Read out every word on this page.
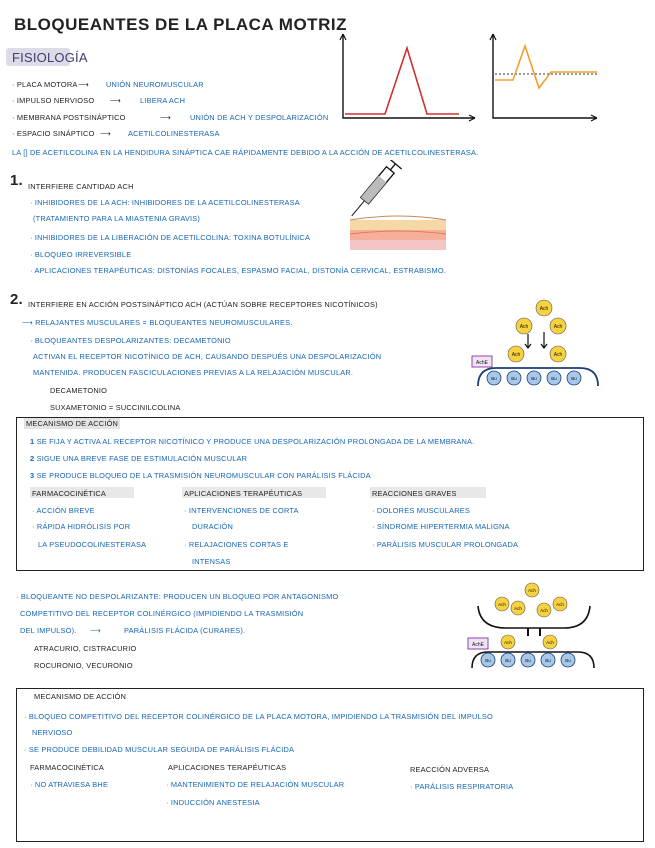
BLOQUEANTES DE LA PLACA MOTRIZ
FISIOLOGÍA
· PLACA MOTORA ⟶ UNIÓN NEUROMUSCULAR
· IMPULSO NERVIOSO ⟶	LIBERA ACH
· MEMBRANA POSTSINÁPTICO	⟶	UNIÓN DE ACH Y DESPOLARIZACIÓN
· ESPACIO SINÁPTICO ⟶ ACETILCOLINESTERASA
LA [] DE ACETILCOLINA EN LA HENDIDURA SINÁPTICA CAE RÁPIDAMENTE DEBIDO A LA ACCIÓN DE ACETILCOLINESTERASA.
1. INTERFIERE CANTIDAD ACH
· INHIBIDORES DE LA ACH: INHIBIDORES DE LA ACETILCOLINESTERASA
(TRATAMIENTO PARA LA MIASTENIA GRAVIS)
· INHIBIDORES DE LA LIBERACIÓN DE ACETILCOLINA: TOXINA BOTULÍNICA
· BLOQUEO IRREVERSIBLE
· APLICACIONES TERAPÉUTICAS: DISTONÍAS FOCALES, ESPASMO FACIAL, DISTONÍA CERVICAL, ESTRABISMO.
2. INTERFIERE EN ACCIÓN POSTSINÁPTICO ACH (ACTÚAN SOBRE RECEPTORES NICOTÍNICOS)
⟶ RELAJANTES MUSCULARES = BLOQUEANTES NEUROMUSCULARES.
· BLOQUEANTES DESPOLARIZANTES: DECAMETONIO
ACTIVAN EL RECEPTOR NICOTÍNICO DE ACH, CAUSANDO DESPUÉS UNA DESPOLARIZACIÓN
MANTENIDA. PRODUCEN FASCICULACIONES PREVIAS A LA RELAJACIÓN MUSCULAR.
DECAMETONIO
SUXAMETONIO = SUCCINILCOLINA
Ach
Ach	Ach
Ach	Ach
Bu	Bu	Bu	Bu	Bu
AchE
MECANISMO DE ACCIÓN
1 SE FIJA Y ACTIVA AL RECEPTOR NICOTÍNICO Y PRODUCE UNA DESPOLARIZACIÓN PROLONGADA DE LA MEMBRANA.
2 SIGUE UNA BREVE FASE DE ESTIMULACIÓN MUSCULAR
3 SE PRODUCE BLOQUEO DE LA TRASMISIÓN NEUROMUSCULAR CON PARÁLISIS FLÁCIDA
FARMACOCINÉTICA
· ACCIÓN BREVE
· RÁPIDA HIDRÓLISIS POR
LA PSEUDOCOLINESTERASA
APLICACIONES TERAPÉUTICAS
· INTERVENCIONES DE CORTA
DURACIÓN
· RELAJACIONES CORTAS E
INTENSAS
REACCIONES GRAVES
· DOLORES MUSCULARES
· SÍNDROME HIPERTERMIA MALIGNA
· PARÁLISIS MUSCULAR PROLONGADA
· BLOQUEANTE NO DESPOLARIZANTE: PRODUCEN UN BLOQUEO POR ANTAGONISMO
COMPETITIVO DEL RECEPTOR COLINÉRGICO (IMPIDIENDO LA TRASMISIÓN
DEL IMPULSO). ⟶	PARÁLISIS FLÁCIDA (CURARES).
ATRACURIO, CISTRACURIO
ROCURONIO, VECURONIO
Ach
Ach	Ach
Ach	Ach
Ach	Ach
Bu	Bu	Bu	Bu	Bu
AchE
MECANISMO DE ACCIÓN
· BLOQUEO COMPETITIVO DEL RECEPTOR COLINÉRGICO DE LA PLACA MOTORA, IMPIDIENDO LA TRASMISIÓN DEL IMPULSO
NERVIOSO
· SE PRODUCE DEBILIDAD MUSCULAR SEGUIDA DE PARÁLISIS FLÁCIDA
FARMACOCINÉTICA
· NO ATRAVIESA BHE
APLICACIONES TERAPÉUTICAS
· MANTENIMIENTO DE RELAJACIÓN MUSCULAR
· INDUCCIÓN ANESTESIA
REACCIÓN ADVERSA
· PARÁLISIS RESPIRATORIA
